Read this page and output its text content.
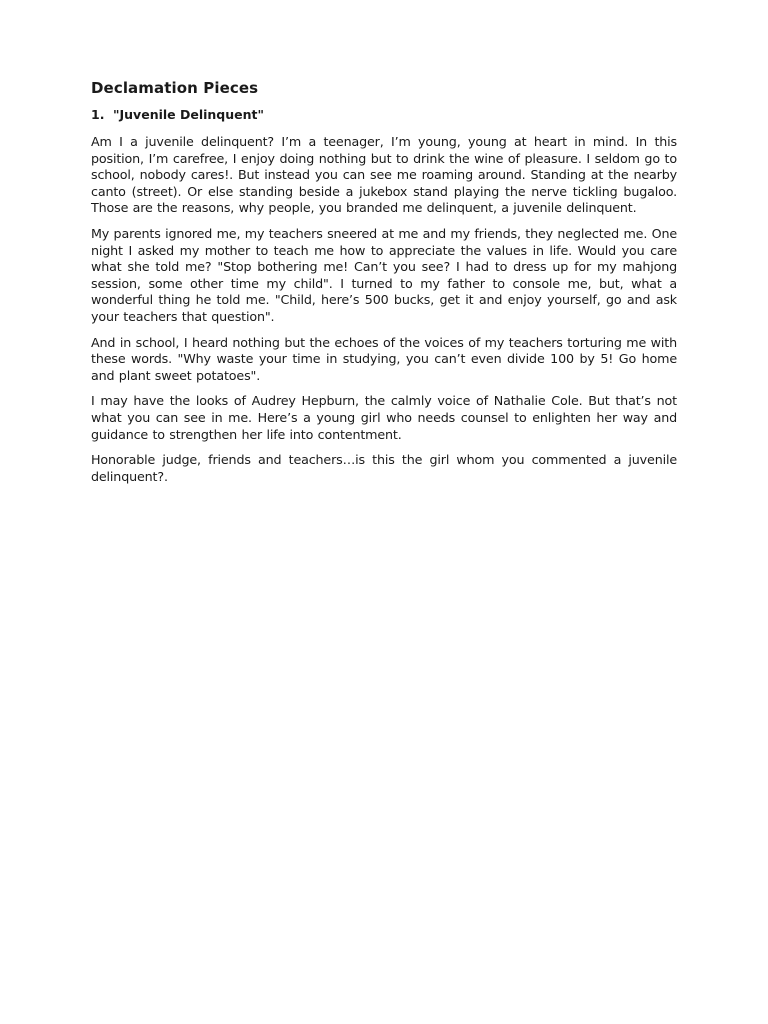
Declamation Pieces
1. "Juvenile Delinquent"

Am I a juvenile delinquent? I’m a teenager, I’m young, young at heart in mind. In this position, I’m carefree, I enjoy doing nothing but to drink the wine of pleasure. I seldom go to school, nobody cares!. But instead you can see me roaming around. Standing at the nearby canto (street). Or else standing beside a jukebox stand playing the nerve tickling bugaloo. Those are the reasons, why people, you branded me delinquent, a juvenile delinquent.

My parents ignored me, my teachers sneered at me and my friends, they neglected me. One night I asked my mother to teach me how to appreciate the values in life. Would you care what she told me? "Stop bothering me! Can’t you see? I had to dress up for my mahjong session, some other time my child". I turned to my father to console me, but, what a wonderful thing he told me. "Child, here’s 500 bucks, get it and enjoy yourself, go and ask your teachers that question".

And in school, I heard nothing but the echoes of the voices of my teachers torturing me with these words. "Why waste your time in studying, you can’t even divide 100 by 5! Go home and plant sweet potatoes".

I may have the looks of Audrey Hepburn, the calmly voice of Nathalie Cole. But that’s not what you can see in me. Here’s a young girl who needs counsel to enlighten her way and guidance to strengthen her life into contentment.

Honorable judge, friends and teachers…is this the girl whom you commented a juvenile delinquent?.
